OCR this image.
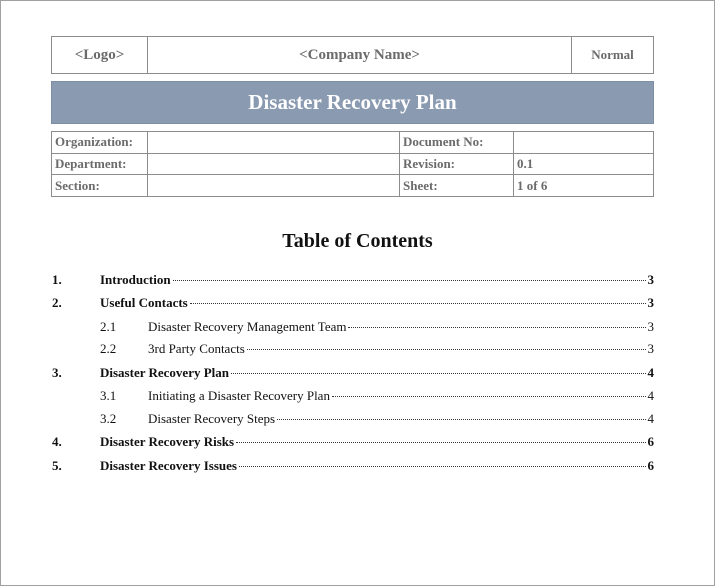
<Logo>	<Company Name>	Normal
Disaster Recovery Plan
Organization:		Document No:	
Department:		Revision:	0.1
Section:		Sheet:	1 of 6
Table of Contents
1.	Introduction	3
2.	Useful Contacts	3
2.1	Disaster Recovery Management Team	3
2.2	3rd Party Contacts	3
3.	Disaster Recovery Plan	4
3.1	Initiating a Disaster Recovery Plan	4
3.2	Disaster Recovery Steps	4
4.	Disaster Recovery Risks	6
5.	Disaster Recovery Issues	6
